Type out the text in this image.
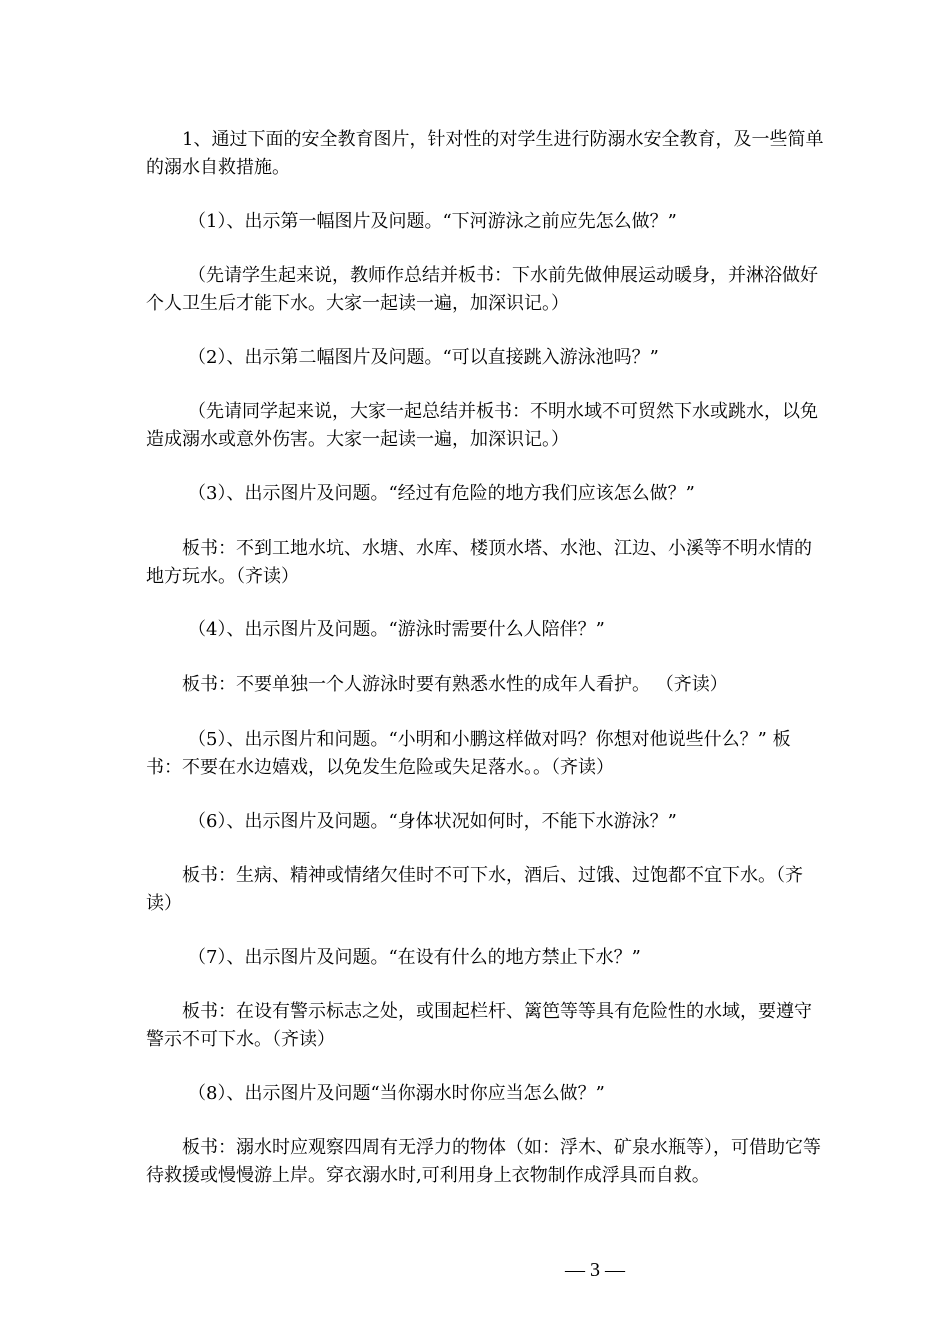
1、通过下面的安全教育图片，针对性的对学生进行防溺水安全教育，及一些简单的溺水自救措施。

（1）、出示第一幅图片及问题。“下河游泳之前应先怎么做？”

（先请学生起来说，教师作总结并板书：下水前先做伸展运动暖身，并淋浴做好个人卫生后才能下水。大家一起读一遍，加深识记。）

（2）、出示第二幅图片及问题。“可以直接跳入游泳池吗？”

（先请同学起来说，大家一起总结并板书：不明水域不可贸然下水或跳水，以免造成溺水或意外伤害。大家一起读一遍，加深识记。）

（3）、出示图片及问题。“经过有危险的地方我们应该怎么做？”

板书：不到工地水坑、水塘、水库、楼顶水塔、水池、江边、小溪等不明水情的地方玩水。（齐读）

（4）、出示图片及问题。“游泳时需要什么人陪伴？”

板书：不要单独一个人游泳时要有熟悉水性的成年人看护。 （齐读）

（5）、出示图片和问题。“小明和小鹏这样做对吗？你想对他说些什么？” 板书：不要在水边嬉戏，以免发生危险或失足落水。。（齐读）

（6）、出示图片及问题。“身体状况如何时，不能下水游泳？”

板书：生病、精神或情绪欠佳时不可下水，酒后、过饿、过饱都不宜下水。（齐读）

（7）、出示图片及问题。“在设有什么的地方禁止下水？”

板书：在设有警示标志之处，或围起栏杆、篱笆等等具有危险性的水域，要遵守警示不可下水。（齐读）

（8）、出示图片及问题“当你溺水时你应当怎么做？”

板书：溺水时应观察四周有无浮力的物体（如：浮木、矿泉水瓶等），可借助它等待救援或慢慢游上岸。穿衣溺水时,可利用身上衣物制作成浮具而自救。

— 3 —
